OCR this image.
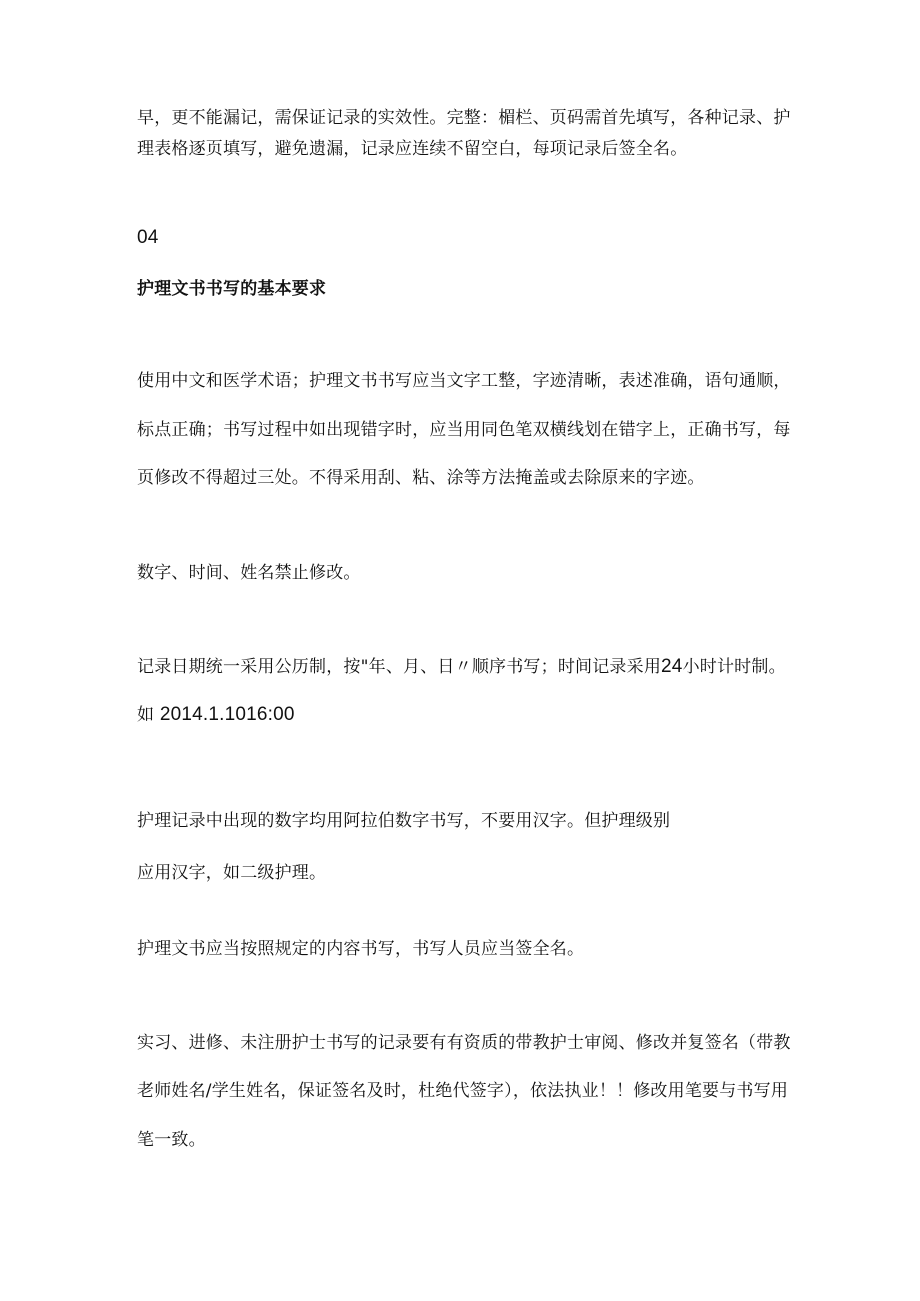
早，更不能漏记，需保证记录的实效性。完整：楣栏、页码需首先填写，各种记录、护
理表格逐页填写，避免遗漏，记录应连续不留空白，每项记录后签全名。
04
护理文书书写的基本要求
使用中文和医学术语；护理文书书写应当文字工整，字迹清晰，表述准确，语句通顺，
标点正确；书写过程中如出现错字时，应当用同色笔双横线划在错字上，正确书写，每
页修改不得超过三处。不得采用刮、粘、涂等方法掩盖或去除原来的字迹。
数字、时间、姓名禁止修改。
记录日期统一采用公历制，按"年、月、日〃顺序书写；时间记录采用24小时计时制。
如 2014.1.1016:00
护理记录中出现的数字均用阿拉伯数字书写，不要用汉字。但护理级别
应用汉字，如二级护理。
护理文书应当按照规定的内容书写，书写人员应当签全名。
实习、进修、未注册护士书写的记录要有有资质的带教护士审阅、修改并复签名（带教
老师姓名/学生姓名，保证签名及时，杜绝代签字），依法执业！！修改用笔要与书写用
笔一致。
